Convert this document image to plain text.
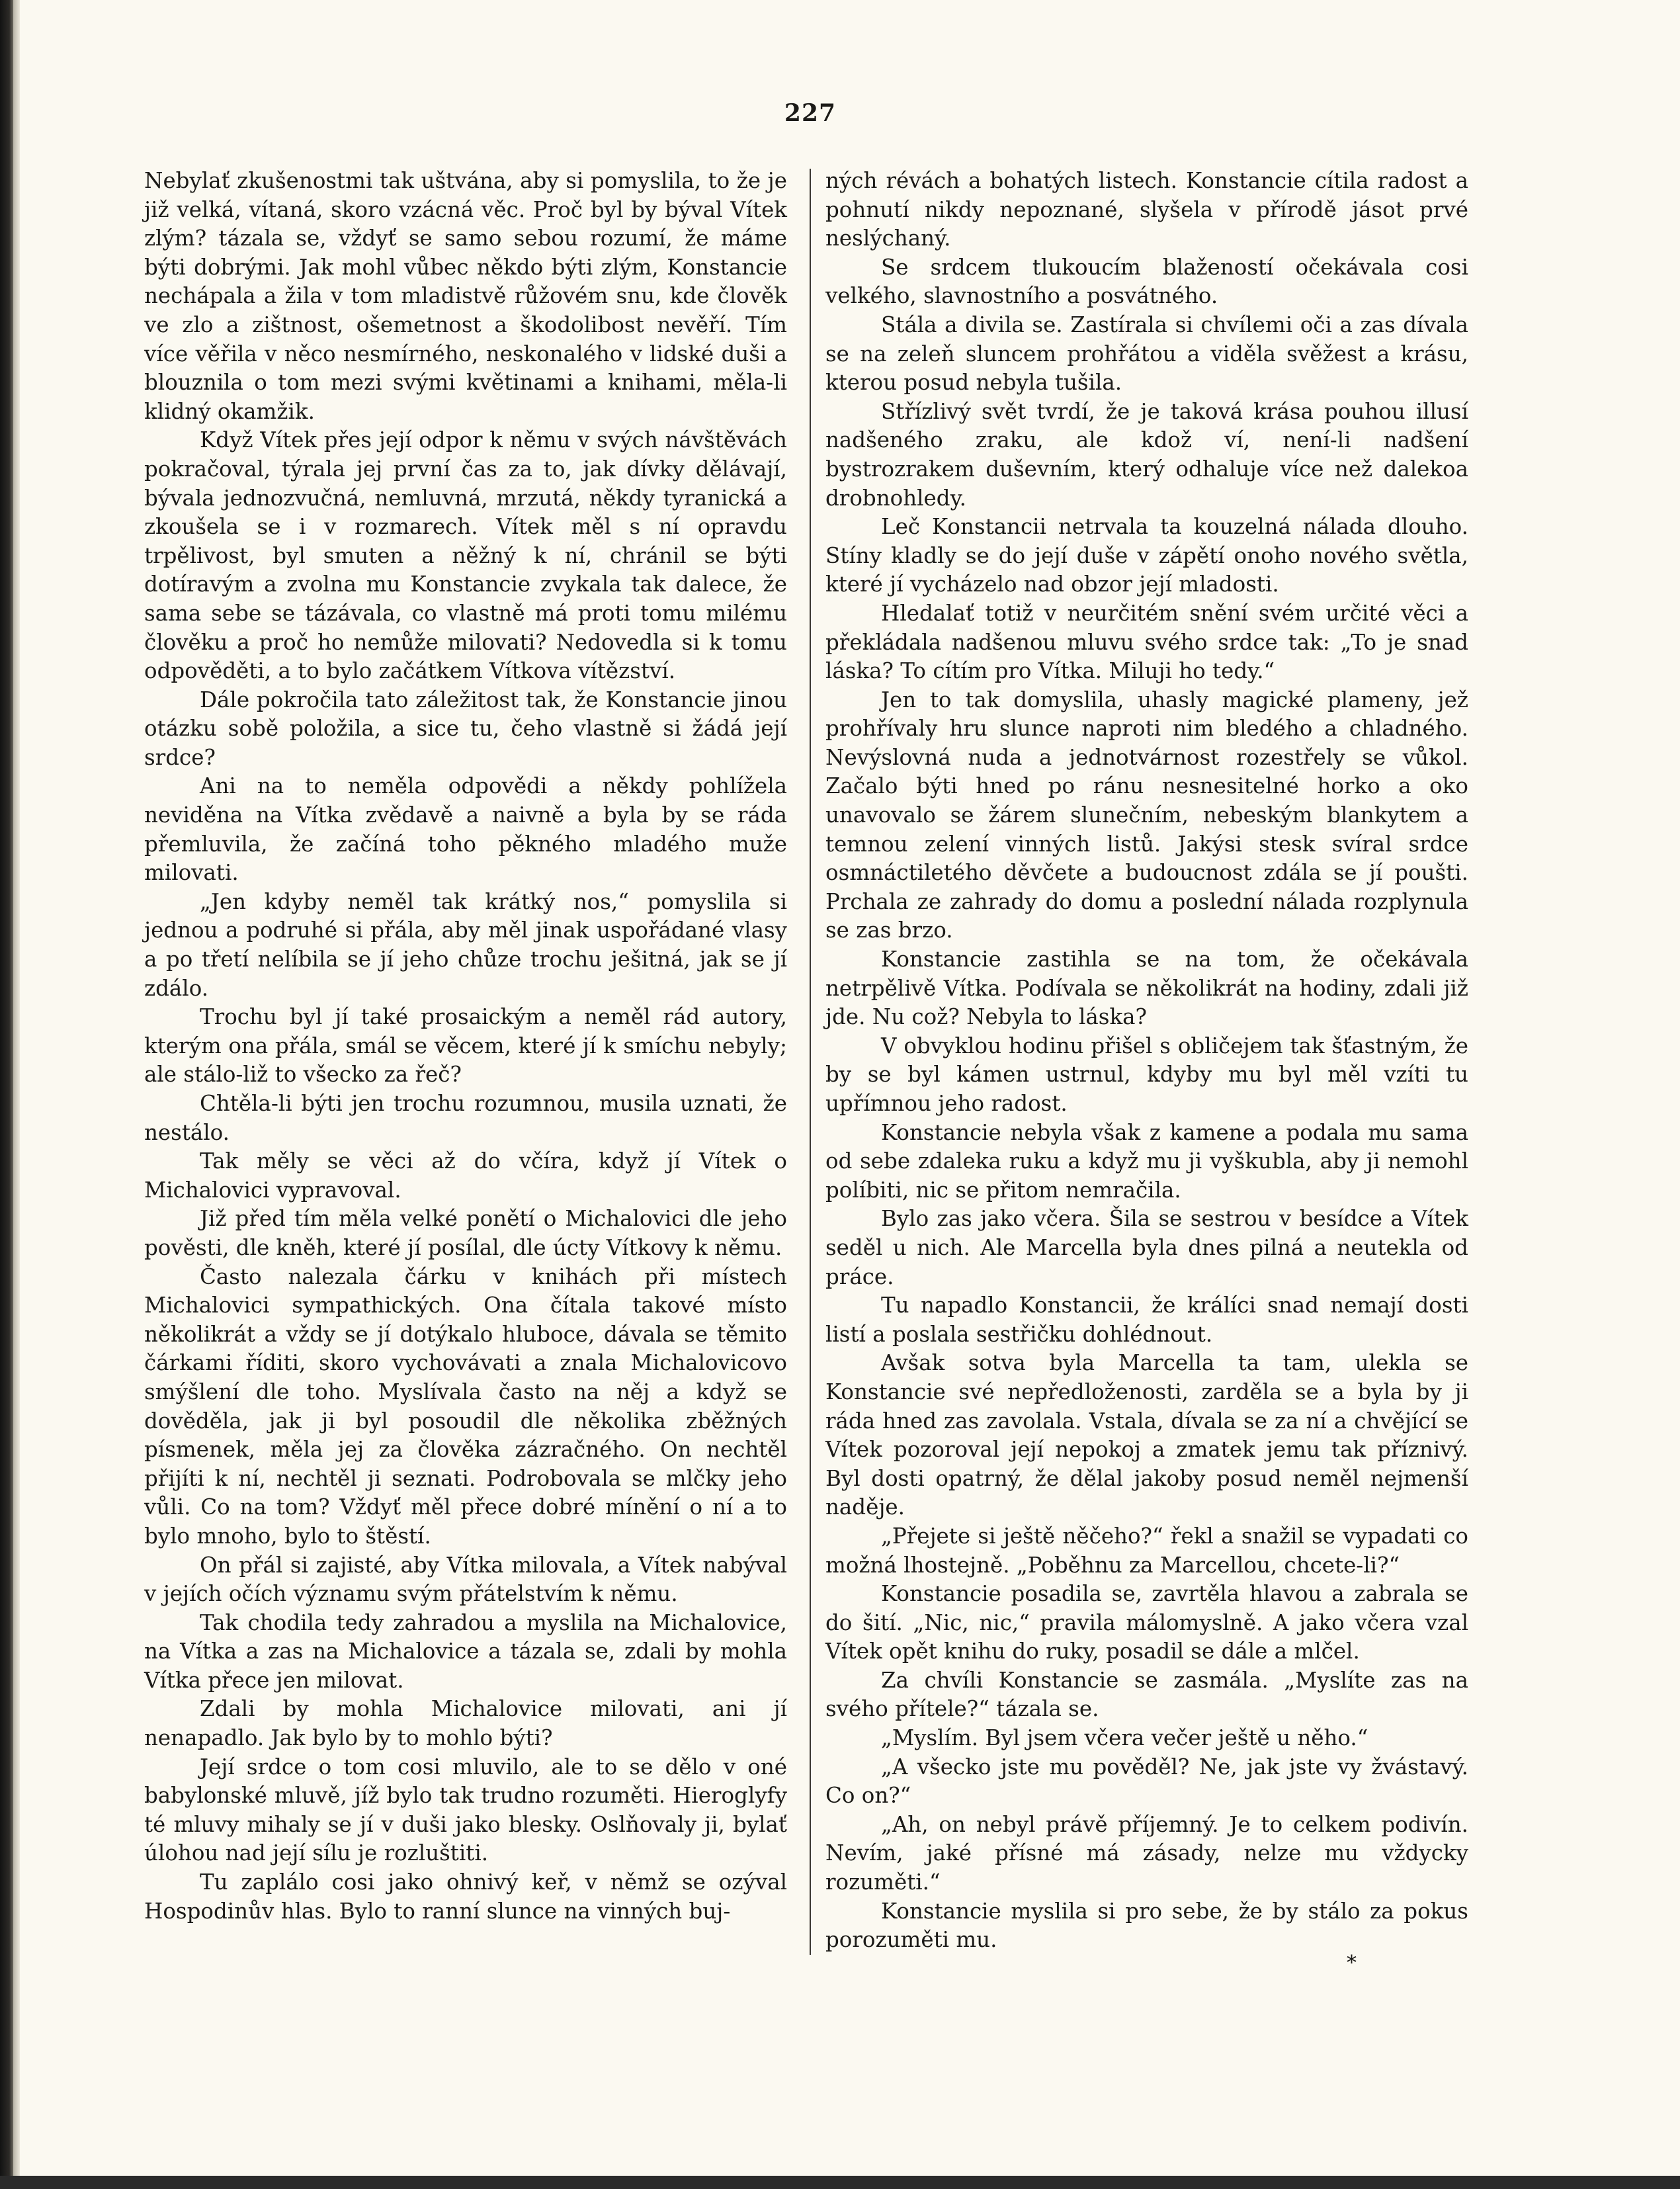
227

Nebylať zkušenostmi tak uštvána, aby si pomyslila, to že je již velká, vítaná, skoro vzácná věc. Proč byl by býval Vítek zlým? tázala se, vždyť se samo sebou rozumí, že máme býti dobrými. Jak mohl vůbec někdo býti zlým, Konstancie nechápala a žila v tom mladistvě růžovém snu, kde člověk ve zlo a zištnost, ošemetnost a škodolibost nevěří. Tím více věřila v něco nesmírného, neskonalého v lidské duši a blouznila o tom mezi svými květinami a knihami, měla-li klidný okamžik.

Když Vítek přes její odpor k němu v svých návštěvách pokračoval, týrala jej první čas za to, jak dívky dělávají, bývala jednozvučná, nemluvná, mrzutá, někdy tyranická a zkoušela se i v rozmarech. Vítek měl s ní opravdu trpělivost, byl smuten a něžný k ní, chránil se býti dotíravým a zvolna mu Konstancie zvykala tak dalece, že sama sebe se tázávala, co vlastně má proti tomu milému člověku a proč ho nemůže milovati? Nedovedla si k tomu odpověděti, a to bylo začátkem Vítkova vítězství.

Dále pokročila tato záležitost tak, že Konstancie jinou otázku sobě položila, a sice tu, čeho vlastně si žádá její srdce?

Ani na to neměla odpovědi a někdy pohlížela neviděna na Vítka zvědavě a naivně a byla by se ráda přemluvila, že začíná toho pěkného mladého muže milovati.

„Jen kdyby neměl tak krátký nos,“ pomyslila si jednou a podruhé si přála, aby měl jinak uspořádané vlasy a po třetí nelíbila se jí jeho chůze trochu ješitná, jak se jí zdálo.

Trochu byl jí také prosaickým a neměl rád autory, kterým ona přála, smál se věcem, které jí k smíchu nebyly; ale stálo-liž to všecko za řeč?

Chtěla-li býti jen trochu rozumnou, musila uznati, že nestálo.

Tak měly se věci až do včíra, když jí Vítek o Michalovici vypravoval.

Již před tím měla velké ponětí o Michalovici dle jeho pověsti, dle kněh, které jí posílal, dle úcty Vítkovy k němu.

Často nalezala čárku v knihách při místech Michalovici sympathických. Ona čítala takové místo několikrát a vždy se jí dotýkalo hluboce, dávala se těmito čárkami říditi, skoro vychovávati a znala Michalovicovo smýšlení dle toho. Myslívala často na něj a když se dověděla, jak ji byl posoudil dle několika zběžných písmenek, měla jej za člověka zázračného. On nechtěl přijíti k ní, nechtěl ji seznati. Podrobovala se mlčky jeho vůli. Co na tom? Vždyť měl přece dobré mínění o ní a to bylo mnoho, bylo to štěstí.

On přál si zajisté, aby Vítka milovala, a Vítek nabýval v jejích očích významu svým přátelstvím k němu.

Tak chodila tedy zahradou a myslila na Michalovice, na Vítka a zas na Michalovice a tázala se, zdali by mohla Vítka přece jen milovat.

Zdali by mohla Michalovice milovati, ani jí nenapadlo. Jak bylo by to mohlo býti?

Její srdce o tom cosi mluvilo, ale to se dělo v oné babylonské mluvě, jíž bylo tak trudno rozuměti. Hieroglyfy té mluvy mihaly se jí v duši jako blesky. Oslňovaly ji, bylať úlohou nad její sílu je rozluštiti.

Tu zaplálo cosi jako ohnivý keř, v němž se ozýval Hospodinův hlas. Bylo to ranní slunce na vinných buj-

ných révách a bohatých listech. Konstancie cítila radost a pohnutí nikdy nepoznané, slyšela v přírodě jásot prvé neslýchaný.

Se srdcem tlukoucím blažeností očekávala cosi velkého, slavnostního a posvátného.

Stála a divila se. Zastírala si chvílemi oči a zas dívala se na zeleň sluncem prohřátou a viděla svěžest a krásu, kterou posud nebyla tušila.

Střízlivý svět tvrdí, že je taková krása pouhou illusí nadšeného zraku, ale kdož ví, není-li nadšení bystrozrakem duševním, který odhaluje více než dalekoa drobnohledy.

Leč Konstancii netrvala ta kouzelná nálada dlouho. Stíny kladly se do její duše v zápětí onoho nového světla, které jí vycházelo nad obzor její mladosti.

Hledalať totiž v neurčitém snění svém určité věci a překládala nadšenou mluvu svého srdce tak: „To je snad láska? To cítím pro Vítka. Miluji ho tedy.“

Jen to tak domyslila, uhasly magické plameny, jež prohřívaly hru slunce naproti nim bledého a chladného. Nevýslovná nuda a jednotvárnost rozestřely se vůkol. Začalo býti hned po ránu nesnesitelné horko a oko unavovalo se žárem slunečním, nebeským blankytem a temnou zelení vinných listů. Jakýsi stesk svíral srdce osmnáctiletého děvčete a budoucnost zdála se jí poušti. Prchala ze zahrady do domu a poslední nálada rozplynula se zas brzo.

Konstancie zastihla se na tom, že očekávala netrpělivě Vítka. Podívala se několikrát na hodiny, zdali již jde. Nu což? Nebyla to láska?

V obvyklou hodinu přišel s obličejem tak šťastným, že by se byl kámen ustrnul, kdyby mu byl měl vzíti tu upřímnou jeho radost.

Konstancie nebyla však z kamene a podala mu sama od sebe zdaleka ruku a když mu ji vyškubla, aby ji nemohl políbiti, nic se přitom nemračila.

Bylo zas jako včera. Šila se sestrou v besídce a Vítek seděl u nich. Ale Marcella byla dnes pilná a neutekla od práce.

Tu napadlo Konstancii, že králíci snad nemají dosti listí a poslala sestřičku dohlédnout.

Avšak sotva byla Marcella ta tam, ulekla se Konstancie své nepředloženosti, zarděla se a byla by ji ráda hned zas zavolala. Vstala, dívala se za ní a chvějící se Vítek pozoroval její nepokoj a zmatek jemu tak příznivý. Byl dosti opatrný, že dělal jakoby posud neměl nejmenší naděje.

„Přejete si ještě něčeho?“ řekl a snažil se vypadati co možná lhostejně. „Poběhnu za Marcellou, chcete-li?“

Konstancie posadila se, zavrtěla hlavou a zabrala se do šití. „Nic, nic,“ pravila málomyslně. A jako včera vzal Vítek opět knihu do ruky, posadil se dále a mlčel.

Za chvíli Konstancie se zasmála. „Myslíte zas na svého přítele?“ tázala se.

„Myslím. Byl jsem včera večer ještě u něho.“

„A všecko jste mu pověděl? Ne, jak jste vy žvástavý. Co on?“

„Ah, on nebyl právě příjemný. Je to celkem podivín. Nevím, jaké přísné má zásady, nelze mu vždycky rozuměti.“

Konstancie myslila si pro sebe, že by stálo za pokus porozuměti mu.

*
